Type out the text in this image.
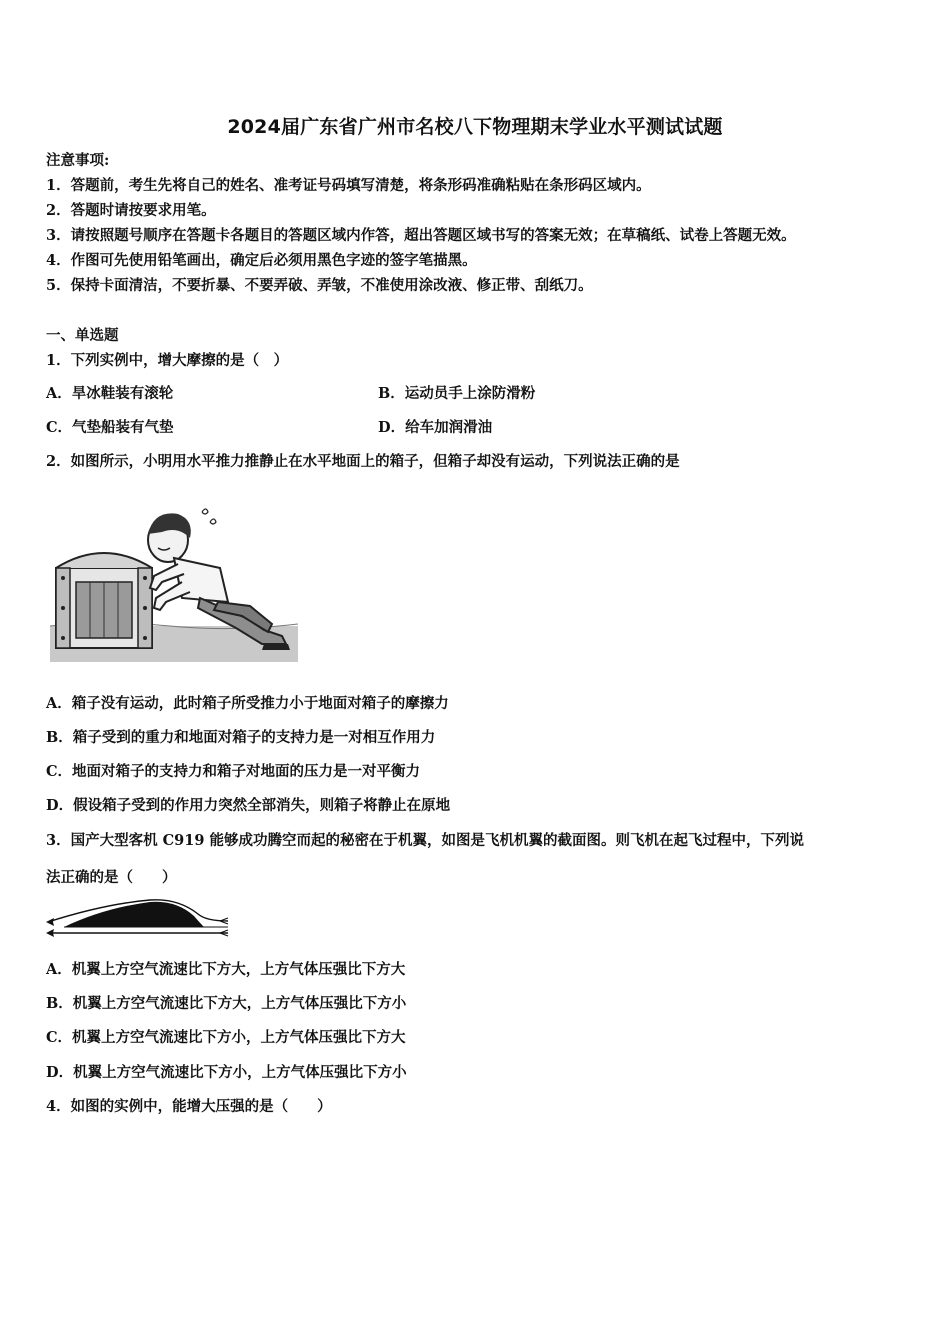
2024届广东省广州市名校八下物理期末学业水平测试试题
注意事项:
1．答题前，考生先将自己的姓名、准考证号码填写清楚，将条形码准确粘贴在条形码区域内。
2．答题时请按要求用笔。
3．请按照题号顺序在答题卡各题目的答题区域内作答，超出答题区域书写的答案无效；在草稿纸、试卷上答题无效。
4．作图可先使用铅笔画出，确定后必须用黑色字迹的签字笔描黑。
5．保持卡面清洁，不要折暴、不要弄破、弄皱，不准使用涂改液、修正带、刮纸刀。
一、单选题
1．下列实例中，增大摩擦的是（　）
A．旱冰鞋装有滚轮	B．运动员手上涂防滑粉
C．气垫船装有气垫	D．给车加润滑油
2．如图所示，小明用水平推力推静止在水平地面上的箱子，但箱子却没有运动，下列说法正确的是
A．箱子没有运动，此时箱子所受推力小于地面对箱子的摩擦力
B．箱子受到的重力和地面对箱子的支持力是一对相互作用力
C．地面对箱子的支持力和箱子对地面的压力是一对平衡力
D．假设箱子受到的作用力突然全部消失，则箱子将静止在原地
3．国产大型客机 C919 能够成功腾空而起的秘密在于机翼，如图是飞机机翼的截面图。则飞机在起飞过程中，下列说
法正确的是（　　）
A．机翼上方空气流速比下方大，上方气体压强比下方大
B．机翼上方空气流速比下方大，上方气体压强比下方小
C．机翼上方空气流速比下方小，上方气体压强比下方大
D．机翼上方空气流速比下方小，上方气体压强比下方小
4．如图的实例中，能增大压强的是（　　）
